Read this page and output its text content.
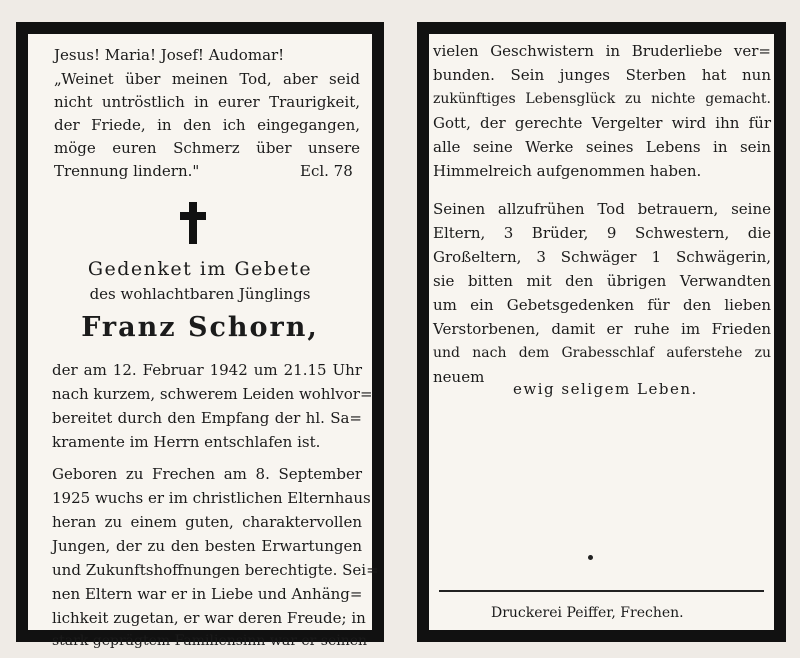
Jesus! Maria! Josef! Audomar!
„Weinet über meinen Tod, aber seid
nicht untröstlich in eurer Traurigkeit,
der Friede, in den ich eingegangen,
möge euren Schmerz über unsere
Trennung lindern."	Ecl. 78
Gedenket im Gebete
des wohlachtbaren Jünglings
Franz Schorn,
der am 12. Februar 1942 um 21.15 Uhr
nach kurzem, schwerem Leiden wohlvor=
bereitet durch den Empfang der hl. Sa=
kramente im Herrn entschlafen ist.
Geboren zu Frechen am 8. September
1925 wuchs er im christlichen Elternhaus
heran zu einem guten, charaktervollen
Jungen, der zu den besten Erwartungen
und Zukunftshoffnungen berechtigte. Sei=
nen Eltern war er in Liebe und Anhäng=
lichkeit zugetan, er war deren Freude; in
stark geprägtem Familiensinn war er seinen
vielen Geschwistern in Bruderliebe ver=
bunden. Sein junges Sterben hat nun
zukünftiges Lebensglück zu nichte gemacht.
Gott, der gerechte Vergelter wird ihn für
alle seine Werke seines Lebens in sein
Himmelreich aufgenommen haben.
Seinen allzufrühen Tod betrauern, seine
Eltern, 3 Brüder, 9 Schwestern, die
Großeltern, 3 Schwäger 1 Schwägerin,
sie bitten mit den übrigen Verwandten
um ein Gebetsgedenken für den lieben
Verstorbenen, damit er ruhe im Frieden
und nach dem Grabesschlaf auferstehe zu
neuem
ewig seligem Leben.
Druckerei Peiffer, Frechen.
